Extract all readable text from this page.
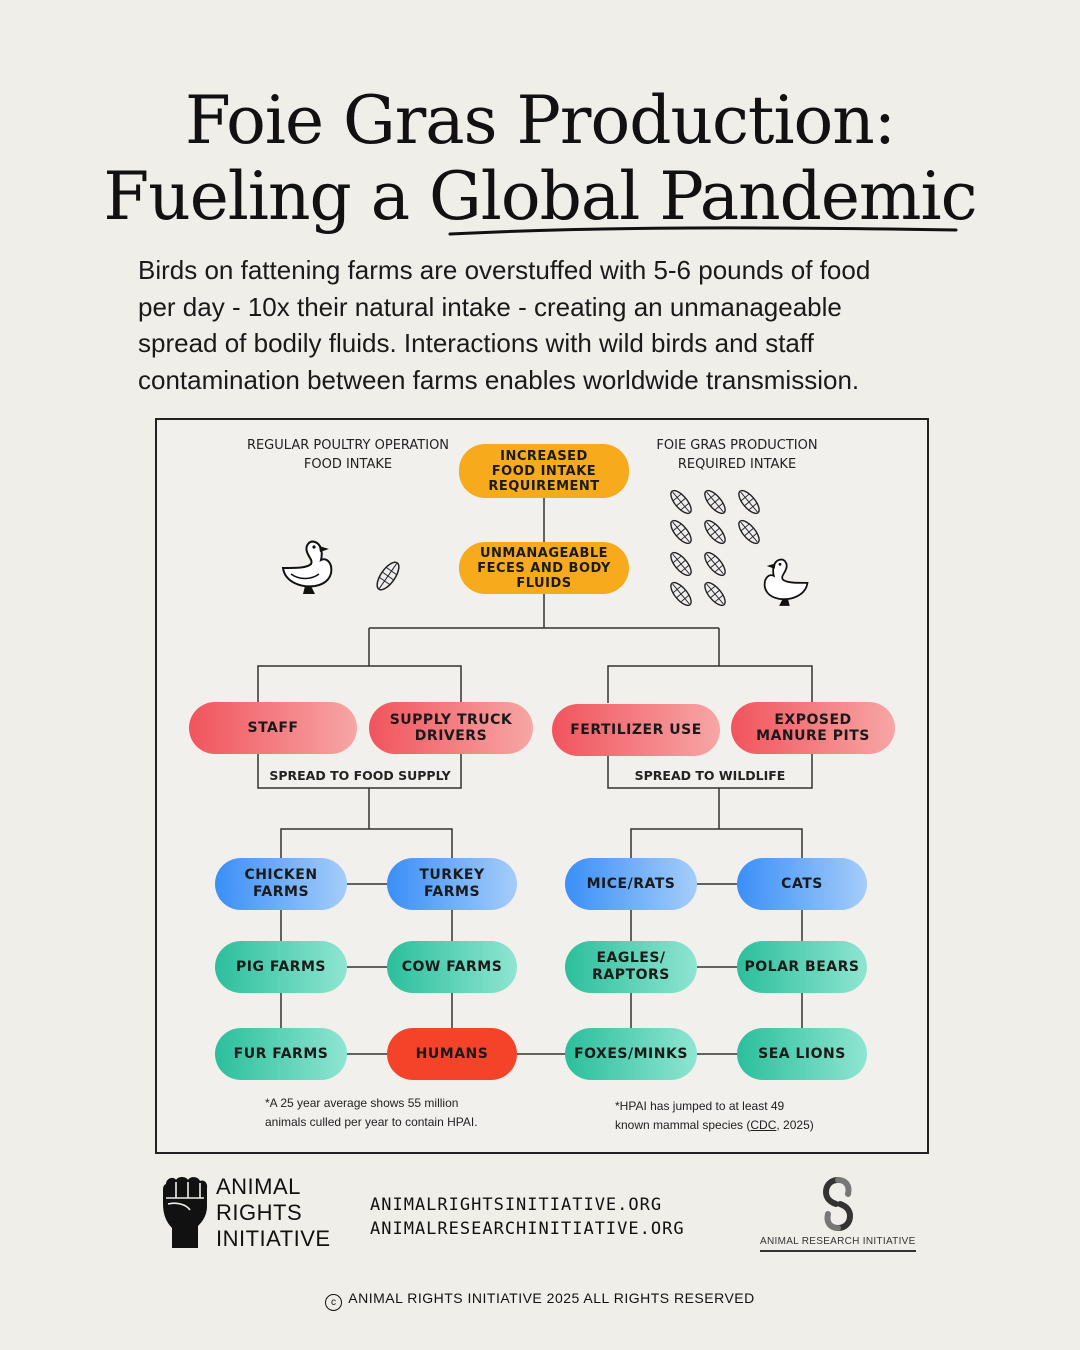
Foie Gras Production:
Fueling a Global Pandemic
Birds on fattening farms are overstuffed with 5-6 pounds of food
per day - 10x their natural intake - creating an unmanageable
spread of bodily fluids. Interactions with wild birds and staff
contamination between farms enables worldwide transmission.
REGULAR POULTRY OPERATION
FOOD INTAKE
FOIE GRAS PRODUCTION
REQUIRED INTAKE
INCREASED
FOOD INTAKE
REQUIREMENT
UNMANAGEABLE
FECES AND BODY
FLUIDS
STAFF	SUPPLY TRUCK
DRIVERS	FERTILIZER USE
EXPOSED
MANURE PITS
SPREAD TO FOOD SUPPLY	SPREAD TO WILDLIFE
CHICKEN
FARMS
TURKEY
FARMS
PIG FARMS	COW FARMS
FUR FARMS	HUMANS
MICE/RATS	CATS
EAGLES/
RAPTORS
POLAR BEARS
FOXES/MINKS	SEA LIONS
*A 25 year average shows 55 million
animals culled per year to contain HPAI.
*HPAI has jumped to at least 49
known mammal species (CDC, 2025)
ANIMAL
RIGHTS
INITIATIVE
ANIMALRIGHTSINITIATIVE.ORG
ANIMALRESEARCHINITIATIVE.ORG
ANIMAL RESEARCH INITIATIVE
c ANIMAL RIGHTS INITIATIVE 2025 ALL RIGHTS RESERVED
